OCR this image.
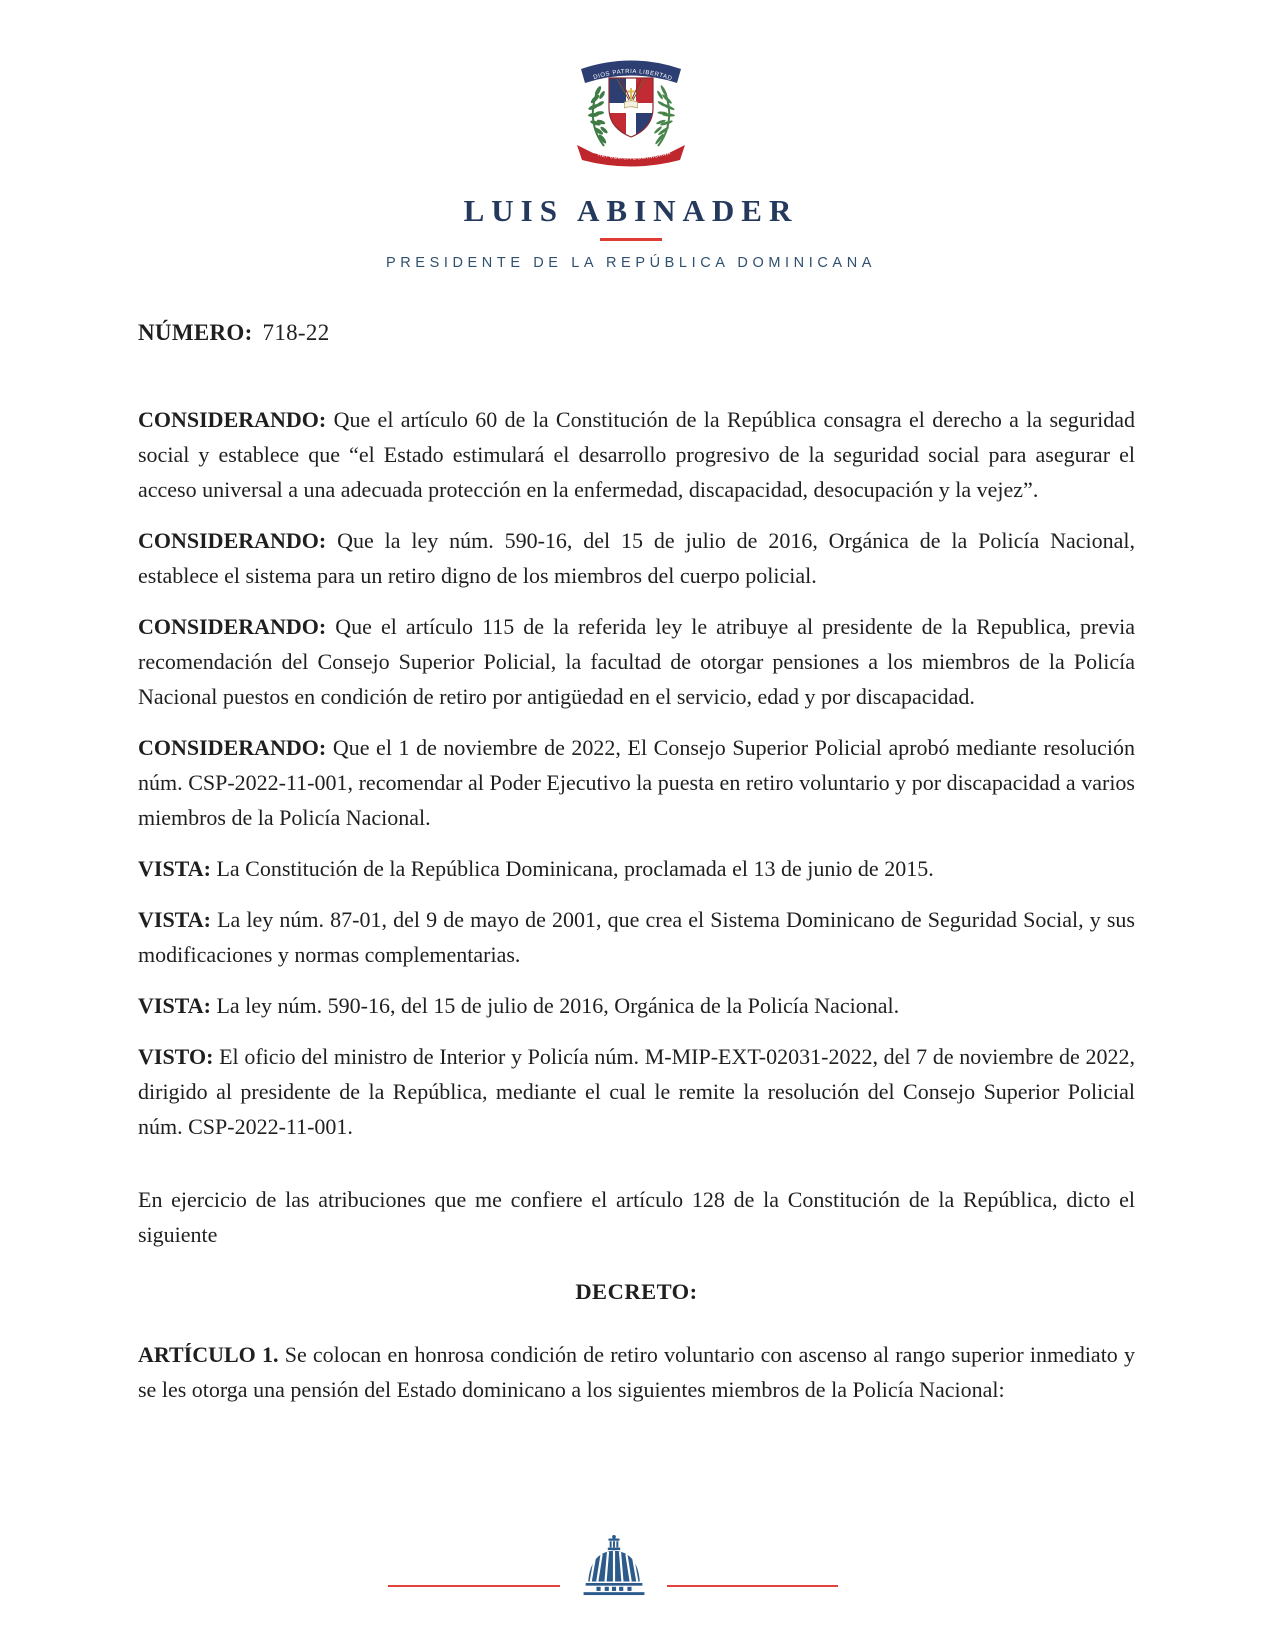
DIOS PATRIA LIBERTAD
REPÚBLICA DOMINICANA
LUIS ABINADER
PRESIDENTE DE LA REPÚBLICA DOMINICANA

NÚMERO: 718-22

CONSIDERANDO: Que el artículo 60 de la Constitución de la República consagra el derecho a la seguridad social y establece que “el Estado estimulará el desarrollo progresivo de la seguridad social para asegurar el acceso universal a una adecuada protección en la enfermedad, discapacidad, desocupación y la vejez”.

CONSIDERANDO: Que la ley núm. 590-16, del 15 de julio de 2016, Orgánica de la Policía Nacional, establece el sistema para un retiro digno de los miembros del cuerpo policial.

CONSIDERANDO: Que el artículo 115 de la referida ley le atribuye al presidente de la Republica, previa recomendación del Consejo Superior Policial, la facultad de otorgar pensiones a los miembros de la Policía Nacional puestos en condición de retiro por antigüedad en el servicio, edad y por discapacidad.

CONSIDERANDO: Que el 1 de noviembre de 2022, El Consejo Superior Policial aprobó mediante resolución núm. CSP-2022-11-001, recomendar al Poder Ejecutivo la puesta en retiro voluntario y por discapacidad a varios miembros de la Policía Nacional.

VISTA: La Constitución de la República Dominicana, proclamada el 13 de junio de 2015.

VISTA: La ley núm. 87-01, del 9 de mayo de 2001, que crea el Sistema Dominicano de Seguridad Social, y sus modificaciones y normas complementarias.

VISTA: La ley núm. 590-16, del 15 de julio de 2016, Orgánica de la Policía Nacional.

VISTO: El oficio del ministro de Interior y Policía núm. M-MIP-EXT-02031-2022, del 7 de noviembre de 2022, dirigido al presidente de la República, mediante el cual le remite la resolución del Consejo Superior Policial núm. CSP-2022-11-001.

En ejercicio de las atribuciones que me confiere el artículo 128 de la Constitución de la República, dicto el siguiente

DECRETO:

ARTÍCULO 1. Se colocan en honrosa condición de retiro voluntario con ascenso al rango superior inmediato y se les otorga una pensión del Estado dominicano a los siguientes miembros de la Policía Nacional:
